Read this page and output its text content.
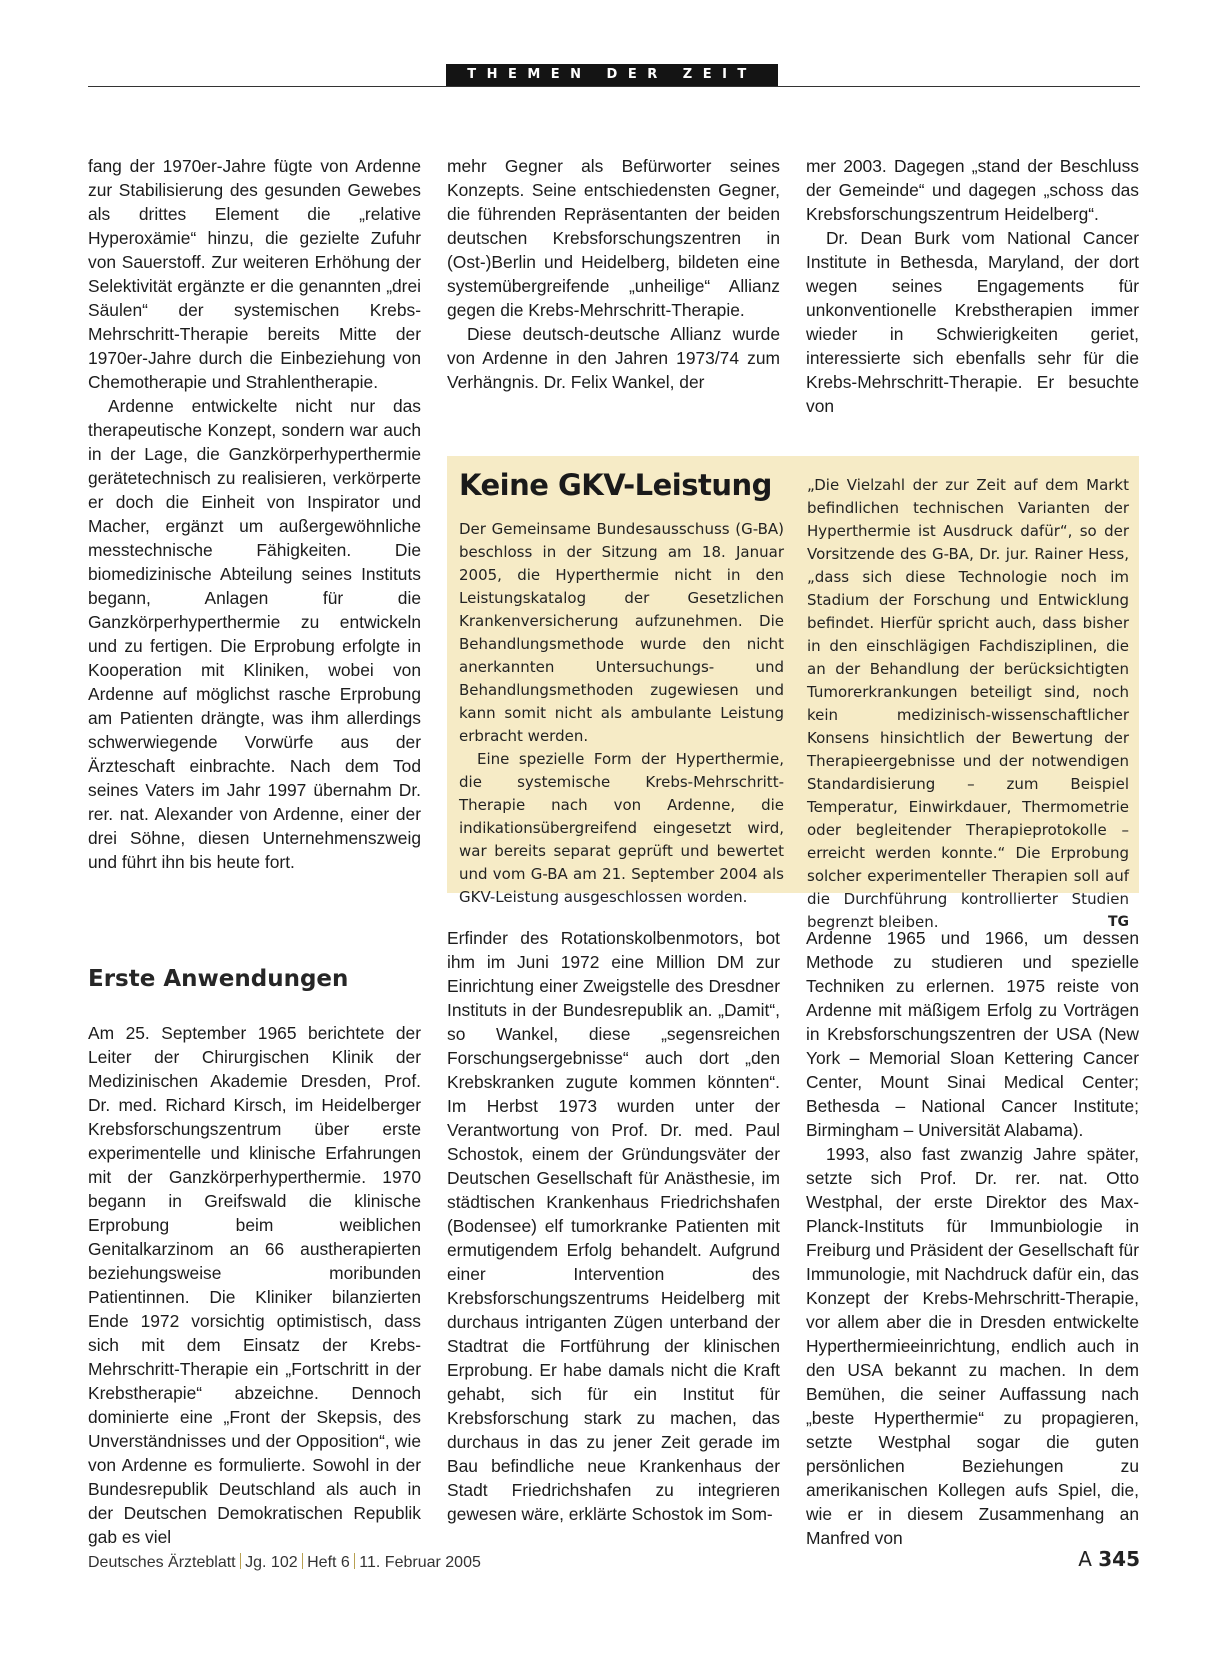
THEMEN DER ZEIT

fang der 1970er-Jahre fügte von Ardenne zur Stabilisierung des gesunden Gewebes als drittes Element die „relative Hyperoxämie“ hinzu, die gezielte Zufuhr von Sauerstoff. Zur weiteren Erhöhung der Selektivität ergänzte er die genannten „drei Säulen“ der systemischen Krebs-Mehrschritt-Therapie bereits Mitte der 1970er-Jahre durch die Einbeziehung von Chemotherapie und Strahlentherapie.

Ardenne entwickelte nicht nur das therapeutische Konzept, sondern war auch in der Lage, die Ganzkörperhyperthermie gerätetechnisch zu realisieren, verkörperte er doch die Einheit von Inspirator und Macher, ergänzt um außergewöhnliche messtechnische Fähigkeiten. Die biomedizinische Abteilung seines Instituts begann, Anlagen für die Ganzkörperhyperthermie zu entwickeln und zu fertigen. Die Erprobung erfolgte in Kooperation mit Kliniken, wobei von Ardenne auf möglichst rasche Erprobung am Patienten drängte, was ihm allerdings schwerwiegende Vorwürfe aus der Ärzteschaft einbrachte. Nach dem Tod seines Vaters im Jahr 1997 übernahm Dr. rer. nat. Alexander von Ardenne, einer der drei Söhne, diesen Unternehmenszweig und führt ihn bis heute fort.

mehr Gegner als Befürworter seines Konzepts. Seine entschiedensten Gegner, die führenden Repräsentanten der beiden deutschen Krebsforschungszentren in (Ost-)Berlin und Heidelberg, bildeten eine systemübergreifende „unheilige“ Allianz gegen die Krebs-Mehrschritt-Therapie.

Diese deutsch-deutsche Allianz wurde von Ardenne in den Jahren 1973/74 zum Verhängnis. Dr. Felix Wankel, der

mer 2003. Dagegen „stand der Beschluss der Gemeinde“ und dagegen „schoss das Krebsforschungszentrum Heidelberg“.

Dr. Dean Burk vom National Cancer Institute in Bethesda, Maryland, der dort wegen seines Engagements für unkonventionelle Krebstherapien immer wieder in Schwierigkeiten geriet, interessierte sich ebenfalls sehr für die Krebs-Mehrschritt-Therapie. Er besuchte von

Keine GKV-Leistung

Der Gemeinsame Bundesausschuss (G-BA) beschloss in der Sitzung am 18. Januar 2005, die Hyperthermie nicht in den Leistungskatalog der Gesetzlichen Krankenversicherung aufzunehmen. Die Behandlungsmethode wurde den nicht anerkannten Untersuchungs- und Behandlungsmethoden zugewiesen und kann somit nicht als ambulante Leistung erbracht werden.

Eine spezielle Form der Hyperthermie, die systemische Krebs-Mehrschritt-Therapie nach von Ardenne, die indikationsübergreifend eingesetzt wird, war bereits separat geprüft und bewertet und vom G-BA am 21. September 2004 als GKV-Leistung ausgeschlossen worden.

„Die Vielzahl der zur Zeit auf dem Markt befindlichen technischen Varianten der Hyperthermie ist Ausdruck dafür“, so der Vorsitzende des G-BA, Dr. jur. Rainer Hess, „dass sich diese Technologie noch im Stadium der Forschung und Entwicklung befindet. Hierfür spricht auch, dass bisher in den einschlägigen Fachdisziplinen, die an der Behandlung der berücksichtigten Tumorerkrankungen beteiligt sind, noch kein medizinisch-wissenschaftlicher Konsens hinsichtlich der Bewertung der Therapieergebnisse und der notwendigen Standardisierung – zum Beispiel Temperatur, Einwirkdauer, Thermometrie oder begleitender Therapieprotokolle – erreicht werden konnte.“ Die Erprobung solcher experimenteller Therapien soll auf die Durchführung kontrollierter Studien begrenzt bleiben.	TG

Erste Anwendungen

Am 25. September 1965 berichtete der Leiter der Chirurgischen Klinik der Medizinischen Akademie Dresden, Prof. Dr. med. Richard Kirsch, im Heidelberger Krebsforschungszentrum über erste experimentelle und klinische Erfahrungen mit der Ganzkörperhyperthermie. 1970 begann in Greifswald die klinische Erprobung beim weiblichen Genitalkarzinom an 66 austherapierten beziehungsweise moribunden Patientinnen. Die Kliniker bilanzierten Ende 1972 vorsichtig optimistisch, dass sich mit dem Einsatz der Krebs-Mehrschritt-Therapie ein „Fortschritt in der Krebstherapie“ abzeichne. Dennoch dominierte eine „Front der Skepsis, des Unverständnisses und der Opposition“, wie von Ardenne es formulierte. Sowohl in der Bundesrepublik Deutschland als auch in der Deutschen Demokratischen Republik gab es viel

Erfinder des Rotationskolbenmotors, bot ihm im Juni 1972 eine Million DM zur Einrichtung einer Zweigstelle des Dresdner Instituts in der Bundesrepublik an. „Damit“, so Wankel, diese „segensreichen Forschungsergebnisse“ auch dort „den Krebskranken zugute kommen könnten“. Im Herbst 1973 wurden unter der Verantwortung von Prof. Dr. med. Paul Schostok, einem der Gründungsväter der Deutschen Gesellschaft für Anästhesie, im städtischen Krankenhaus Friedrichshafen (Bodensee) elf tumorkranke Patienten mit ermutigendem Erfolg behandelt. Aufgrund einer Intervention des Krebsforschungszentrums Heidelberg mit durchaus intriganten Zügen unterband der Stadtrat die Fortführung der klinischen Erprobung. Er habe damals nicht die Kraft gehabt, sich für ein Institut für Krebsforschung stark zu machen, das durchaus in das zu jener Zeit gerade im Bau befindliche neue Krankenhaus der Stadt Friedrichshafen zu integrieren gewesen wäre, erklärte Schostok im Som-

Ardenne 1965 und 1966, um dessen Methode zu studieren und spezielle Techniken zu erlernen. 1975 reiste von Ardenne mit mäßigem Erfolg zu Vorträgen in Krebsforschungszentren der USA (New York – Memorial Sloan Kettering Cancer Center, Mount Sinai Medical Center; Bethesda – National Cancer Institute; Birmingham – Universität Alabama).

1993, also fast zwanzig Jahre später, setzte sich Prof. Dr. rer. nat. Otto Westphal, der erste Direktor des Max-Planck-Instituts für Immunbiologie in Freiburg und Präsident der Gesellschaft für Immunologie, mit Nachdruck dafür ein, das Konzept der Krebs-Mehrschritt-Therapie, vor allem aber die in Dresden entwickelte Hyperthermieeinrichtung, endlich auch in den USA bekannt zu machen. In dem Bemühen, die seiner Auffassung nach „beste Hyperthermie“ zu propagieren, setzte Westphal sogar die guten persönlichen Beziehungen zu amerikanischen Kollegen aufs Spiel, die, wie er in diesem Zusammenhang an Manfred von

Deutsches Ärzteblatt Jg. 102 Heft 6 11. Februar 2005	A 345
